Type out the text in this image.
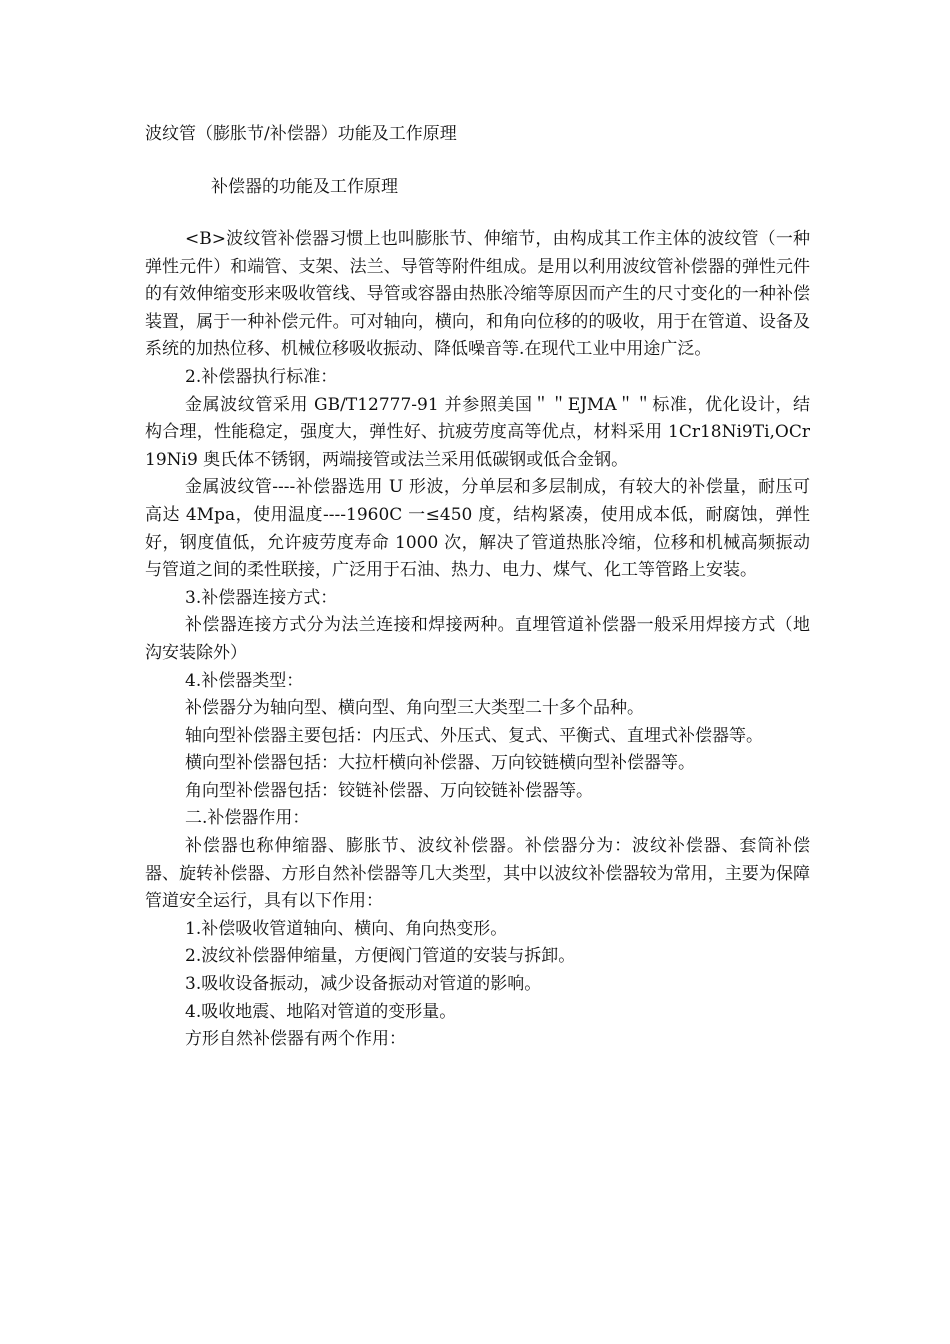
波纹管（膨胀节/补偿器）功能及工作原理
补偿器的功能及工作原理

<B>波纹管补偿器习惯上也叫膨胀节、伸缩节，由构成其工作主体的波纹管（一种弹性元件）和端管、支架、法兰、导管等附件组成。是用以利用波纹管补偿器的弹性元件的有效伸缩变形来吸收管线、导管或容器由热胀冷缩等原因而产生的尺寸变化的一种补偿装置，属于一种补偿元件。可对轴向，横向，和角向位移的的吸收，用于在管道、设备及系统的加热位移、机械位移吸收振动、降低噪音等.在现代工业中用途广泛。

2.补偿器执行标准：

金属波纹管采用 GB/T12777-91 并参照美国＂＂EJMA＂＂标准，优化设计，结构合理，性能稳定，强度大，弹性好、抗疲劳度高等优点，材料采用 1Cr18Ni9Ti,OCr19Ni9 奥氏体不锈钢，两端接管或法兰采用低碳钢或低合金钢。

金属波纹管----补偿器选用 U 形波，分单层和多层制成，有较大的补偿量，耐压可高达 4Mpa，使用温度----1960C 一≤450 度，结构紧凑，使用成本低，耐腐蚀，弹性好，钢度值低，允许疲劳度寿命 1000 次，解决了管道热胀冷缩，位移和机械高频振动与管道之间的柔性联接，广泛用于石油、热力、电力、煤气、化工等管路上安装。

3.补偿器连接方式：

补偿器连接方式分为法兰连接和焊接两种。直埋管道补偿器一般采用焊接方式（地沟安装除外）

4.补偿器类型：

补偿器分为轴向型、横向型、角向型三大类型二十多个品种。

轴向型补偿器主要包括：内压式、外压式、复式、平衡式、直埋式补偿器等。

横向型补偿器包括：大拉杆横向补偿器、万向铰链横向型补偿器等。

角向型补偿器包括：铰链补偿器、万向铰链补偿器等。

二.补偿器作用：

补偿器也称伸缩器、膨胀节、波纹补偿器。补偿器分为：波纹补偿器、套筒补偿器、旋转补偿器、方形自然补偿器等几大类型，其中以波纹补偿器较为常用，主要为保障管道安全运行，具有以下作用：

1.补偿吸收管道轴向、横向、角向热变形。

2.波纹补偿器伸缩量，方便阀门管道的安装与拆卸。

3.吸收设备振动，减少设备振动对管道的影响。

4.吸收地震、地陷对管道的变形量。

方形自然补偿器有两个作用：
